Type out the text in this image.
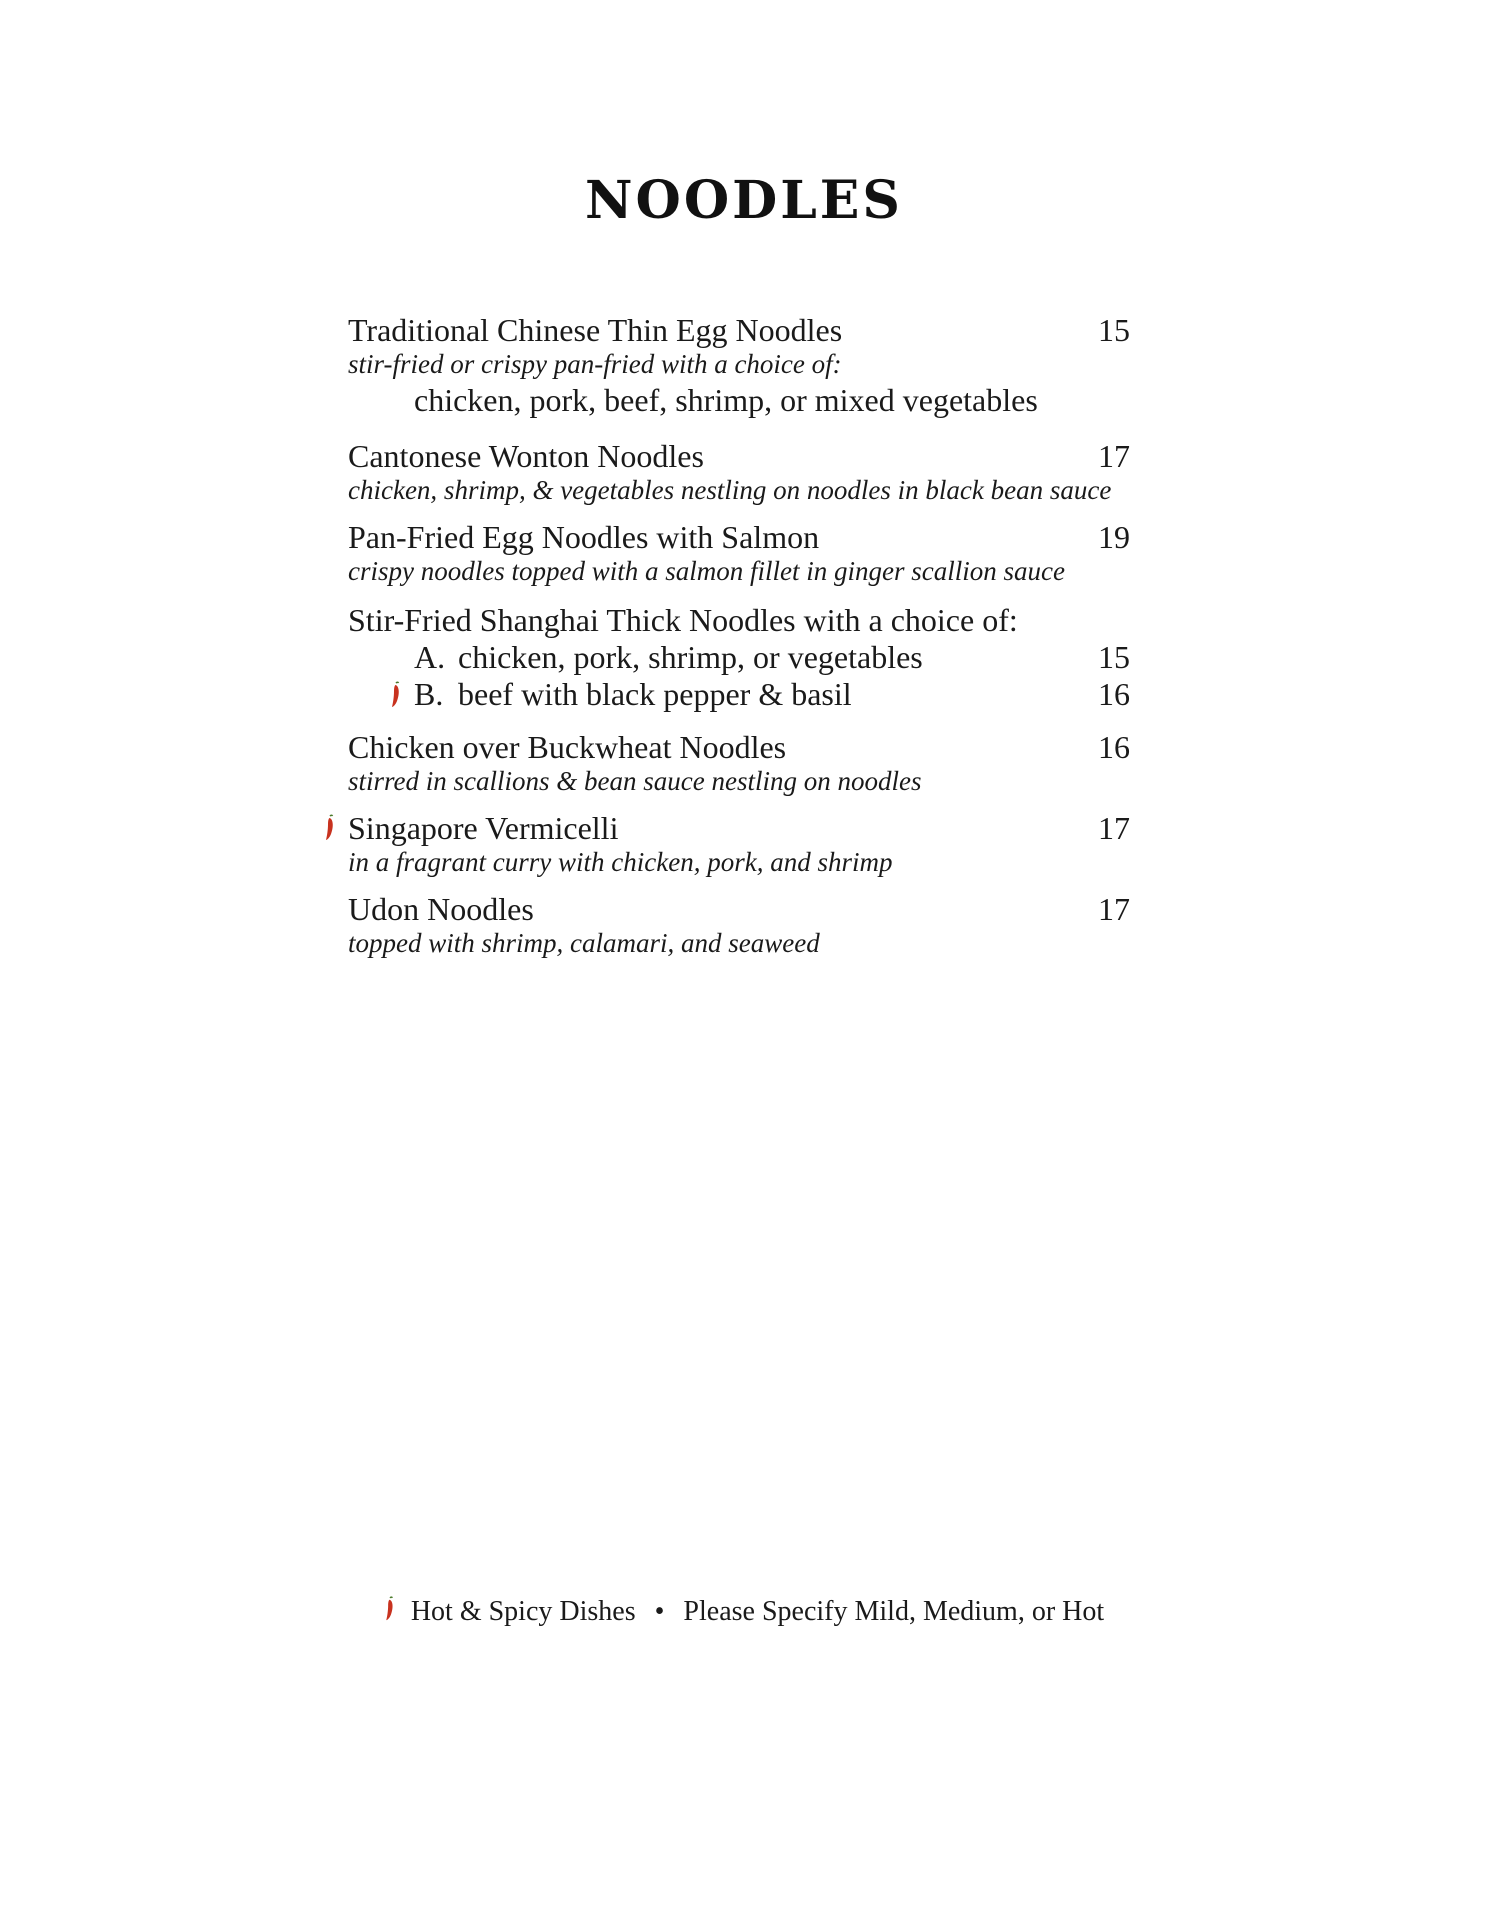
NOODLES
Traditional Chinese Thin Egg Noodles	15
stir-fried or crispy pan-fried with a choice of:
chicken, pork, beef, shrimp, or mixed vegetables
Cantonese Wonton Noodles	17
chicken, shrimp, & vegetables nestling on noodles in black bean sauce
Pan-Fried Egg Noodles with Salmon	19
crispy noodles topped with a salmon fillet in ginger scallion sauce
Stir-Fried Shanghai Thick Noodles with a choice of:
A. chicken, pork, shrimp, or vegetables	15
B. beef with black pepper & basil	16
Chicken over Buckwheat Noodles	16
stirred in scallions & bean sauce nestling on noodles
Singapore Vermicelli	17
in a fragrant curry with chicken, pork, and shrimp
Udon Noodles	17
topped with shrimp, calamari, and seaweed
Hot & Spicy Dishes • Please Specify Mild, Medium, or Hot
